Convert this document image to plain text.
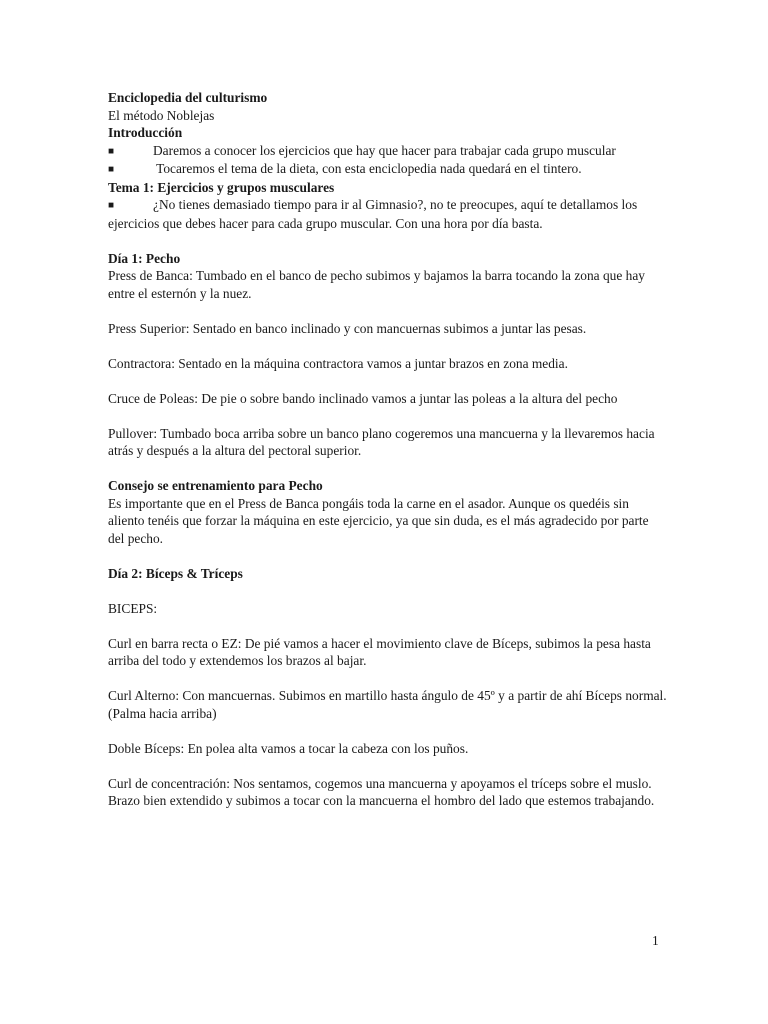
Enciclopedia del culturismo

El método Noblejas

Introducción

■	Daremos a conocer los ejercicios que hay que hacer para trabajar cada grupo muscular

■	Tocaremos el tema de la dieta, con esta enciclopedia nada quedará en el tintero.

Tema 1: Ejercicios y grupos musculares

■	¿No tienes demasiado tiempo para ir al Gimnasio?, no te preocupes, aquí te detallamos los ejercicios que debes hacer para cada grupo muscular. Con una hora por día basta.

Día 1: Pecho

Press de Banca: Tumbado en el banco de pecho subimos y bajamos la barra tocando la zona que hay entre el esternón y la nuez.

Press Superior: Sentado en banco inclinado y con mancuernas subimos a juntar las pesas.

Contractora: Sentado en la máquina contractora vamos a juntar brazos en zona media.

Cruce de Poleas: De pie o sobre bando inclinado vamos a juntar las poleas a la altura del pecho

Pullover: Tumbado boca arriba sobre un banco plano cogeremos una mancuerna y la llevaremos hacia atrás y después a la altura del pectoral superior.

Consejo se entrenamiento para Pecho

Es importante que en el Press de Banca pongáis toda la carne en el asador. Aunque os quedéis sin aliento tenéis que forzar la máquina en este ejercicio, ya que sin duda, es el más agradecido por parte del pecho.

Día 2: Bíceps & Tríceps

BICEPS:

Curl en barra recta o EZ: De pié vamos a hacer el movimiento clave de Bíceps, subimos la pesa hasta arriba del todo y extendemos los brazos al bajar.

Curl Alterno: Con mancuernas. Subimos en martillo hasta ángulo de 45º y a partir de ahí Bíceps normal. (Palma hacia arriba)

Doble Bíceps: En polea alta vamos a tocar la cabeza con los puños.

Curl de concentración: Nos sentamos, cogemos una mancuerna y apoyamos el tríceps sobre el muslo. Brazo bien extendido y subimos a tocar con la mancuerna el hombro del lado que estemos trabajando.

1
